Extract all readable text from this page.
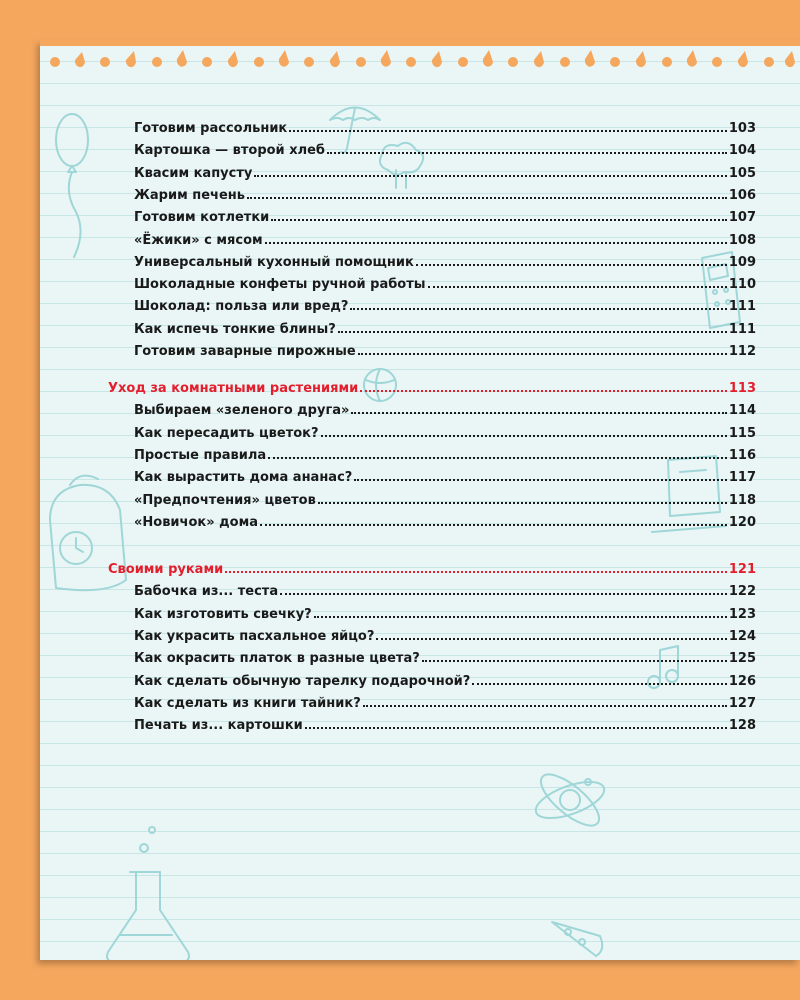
Готовим рассольник	103
Картошка — второй хлеб	104
Квасим капусту	105
Жарим печень	106
Готовим котлетки	107
«Ёжики» с мясом	108
Универсальный кухонный помощник	109
Шоколадные конфеты ручной работы	110
Шоколад: польза или вред?	111
Как испечь тонкие блины?	111
Готовим заварные пирожные	112
Уход за комнатными растениями	113
Выбираем «зеленого друга»	114
Как пересадить цветок?	115
Простые правила	116
Как вырастить дома ананас?	117
«Предпочтения» цветов	118
«Новичок» дома	120
Своими руками	121
Бабочка из... теста	122
Как изготовить свечку?	123
Как украсить пасхальное яйцо?	124
Как окрасить платок в разные цвета?	125
Как сделать обычную тарелку подарочной?	126
Как сделать из книги тайник?	127
Печать из... картошки	128
